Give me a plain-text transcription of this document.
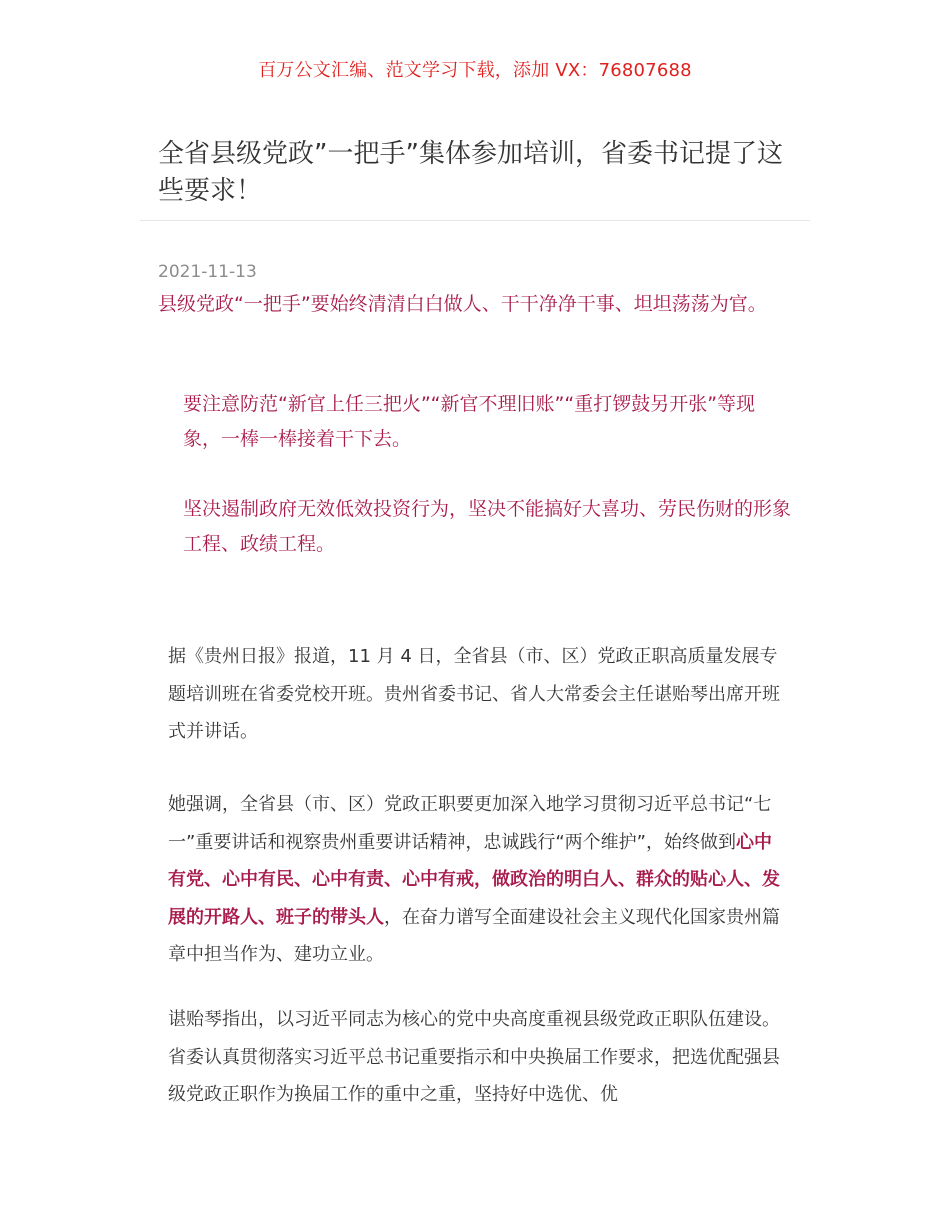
百万公文汇编、范文学习下载，添加 VX：76807688
全省县级党政”一把手”集体参加培训，省委书记提了这些要求！
2021-11-13

县级党政“一把手”要始终清清白白做人、干干净净干事、坦坦荡荡为官。

要注意防范“新官上任三把火”“新官不理旧账”“重打锣鼓另开张”等现象，一棒一棒接着干下去。

坚决遏制政府无效低效投资行为，坚决不能搞好大喜功、劳民伤财的形象工程、政绩工程。

据《贵州日报》报道，11 月 4 日，全省县（市、区）党政正职高质量发展专题培训班在省委党校开班。贵州省委书记、省人大常委会主任谌贻琴出席开班式并讲话。

她强调，全省县（市、区）党政正职要更加深入地学习贯彻习近平总书记“七一”重要讲话和视察贵州重要讲话精神，忠诚践行“两个维护”，始终做到心中有党、心中有民、心中有责、心中有戒，做政治的明白人、群众的贴心人、发展的开路人、班子的带头人，在奋力谱写全面建设社会主义现代化国家贵州篇章中担当作为、建功立业。

谌贻琴指出，以习近平同志为核心的党中央高度重视县级党政正职队伍建设。省委认真贯彻落实习近平总书记重要指示和中央换届工作要求，把选优配强县级党政正职作为换届工作的重中之重，坚持好中选优、优
